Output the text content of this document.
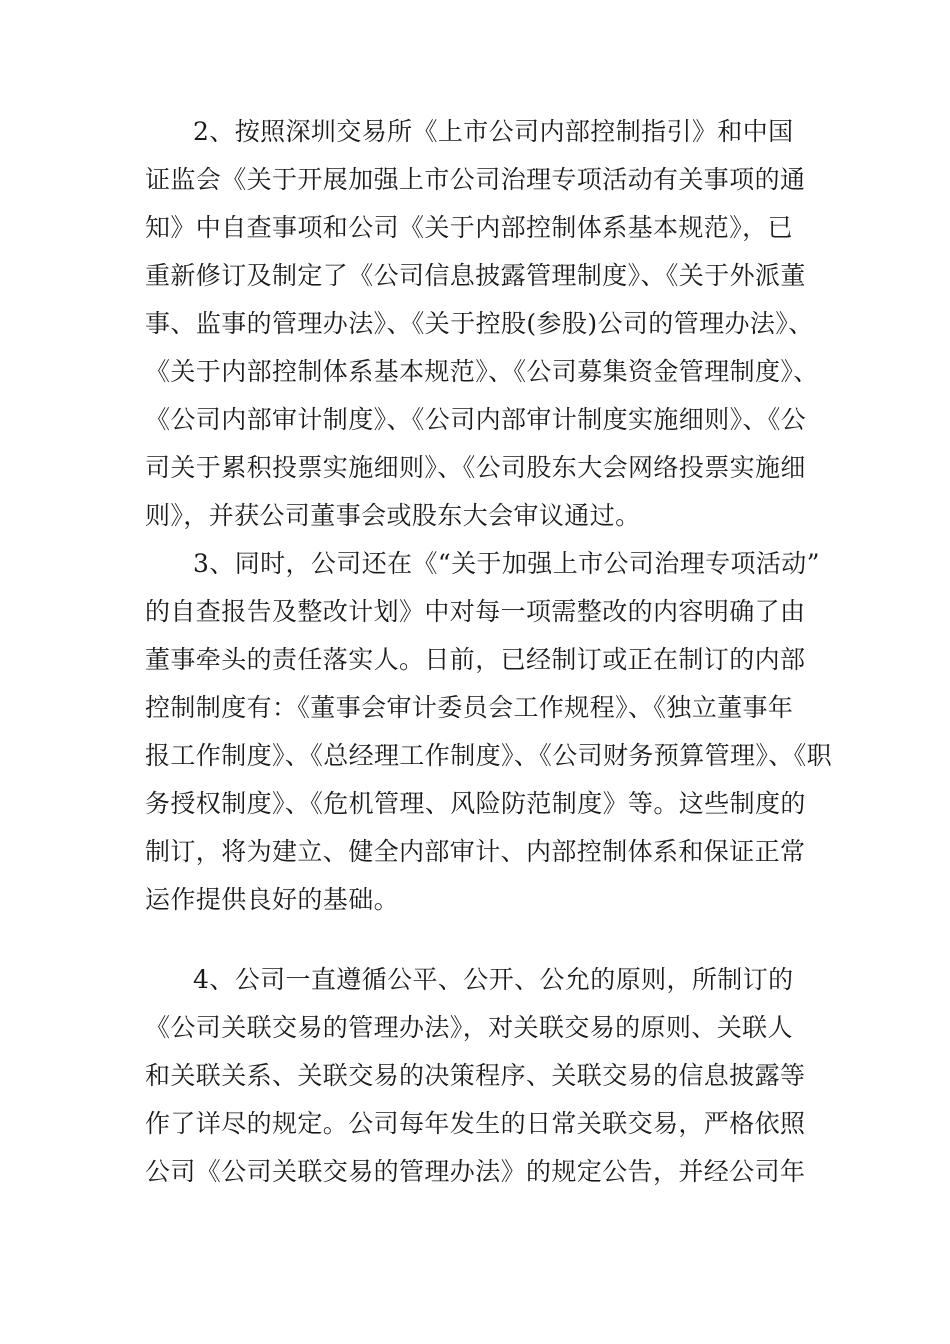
2、按照深圳交易所《上市公司内部控制指引》和中国
证监会《关于开展加强上市公司治理专项活动有关事项的通
知》中自查事项和公司《关于内部控制体系基本规范》，已
重新修订及制定了《公司信息披露管理制度》、《关于外派董
事、监事的管理办法》、《关于控股(参股)公司的管理办法》、
《关于内部控制体系基本规范》、《公司募集资金管理制度》、
《公司内部审计制度》、《公司内部审计制度实施细则》、《公
司关于累积投票实施细则》、《公司股东大会网络投票实施细
则》，并获公司董事会或股东大会审议通过。
3、同时，公司还在《“关于加强上市公司治理专项活动”
的自查报告及整改计划》中对每一项需整改的内容明确了由
董事牵头的责任落实人。日前，已经制订或正在制订的内部
控制制度有：《董事会审计委员会工作规程》、《独立董事年
报工作制度》、《总经理工作制度》、《公司财务预算管理》、《职
务授权制度》、《危机管理、风险防范制度》等。这些制度的
制订，将为建立、健全内部审计、内部控制体系和保证正常
运作提供良好的基础。
4、公司一直遵循公平、公开、公允的原则，所制订的
《公司关联交易的管理办法》，对关联交易的原则、关联人
和关联关系、关联交易的决策程序、关联交易的信息披露等
作了详尽的规定。公司每年发生的日常关联交易，严格依照
公司《公司关联交易的管理办法》的规定公告，并经公司年
